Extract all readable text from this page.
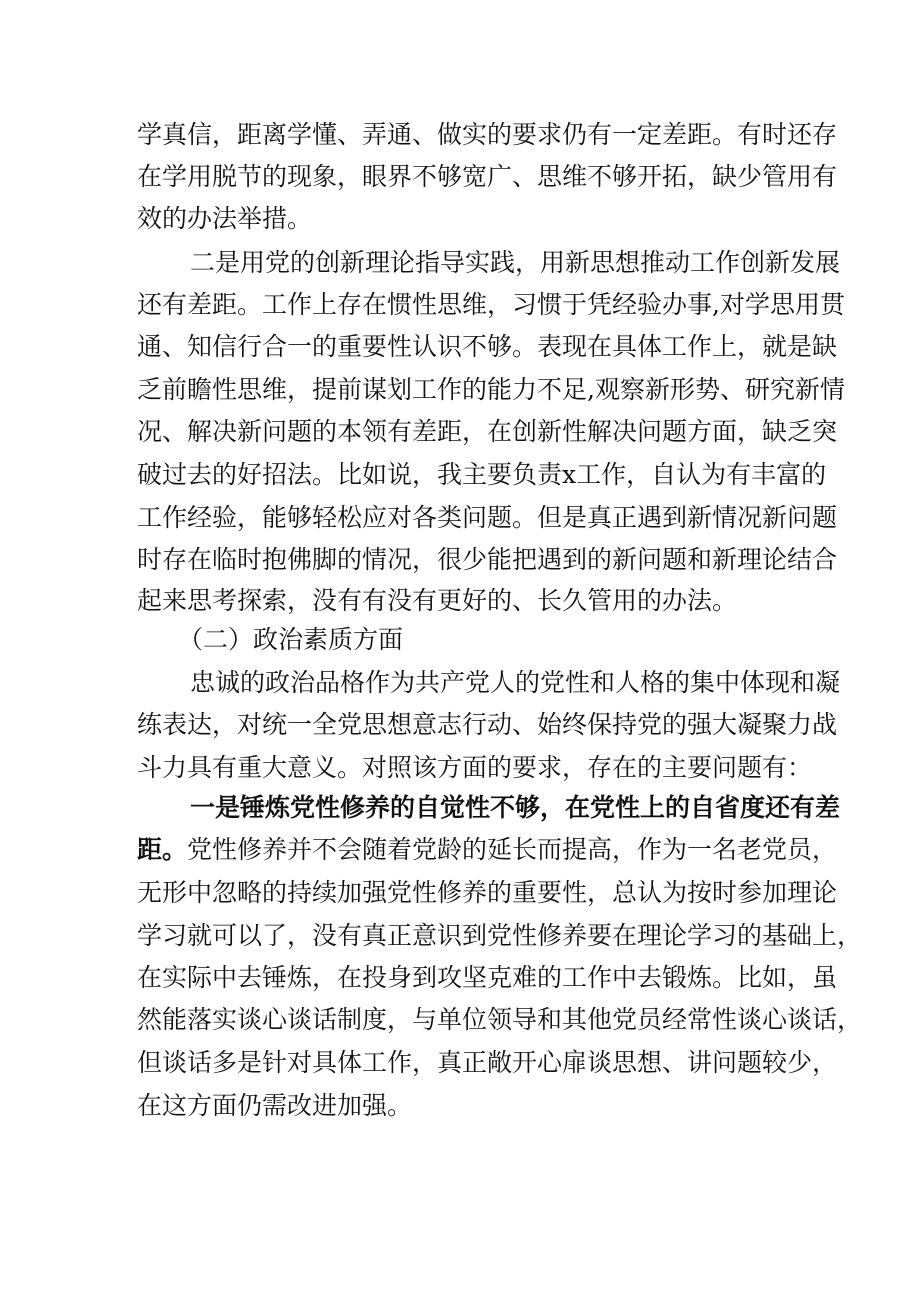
学真信，距离学懂、弄通、做实的要求仍有一定差距。有时还存
在学用脱节的现象，眼界不够宽广、思维不够开拓，缺少管用有
效的办法举措。
二是用党的创新理论指导实践，用新思想推动工作创新发展
还有差距。工作上存在惯性思维，习惯于凭经验办事,对学思用贯
通、知信行合一的重要性认识不够。表现在具体工作上，就是缺
乏前瞻性思维，提前谋划工作的能力不足,观察新形势、研究新情
况、解决新问题的本领有差距，在创新性解决问题方面，缺乏突
破过去的好招法。比如说，我主要负责x工作，自认为有丰富的
工作经验，能够轻松应对各类问题。但是真正遇到新情况新问题
时存在临时抱佛脚的情况，很少能把遇到的新问题和新理论结合
起来思考探索，没有有没有更好的、长久管用的办法。
（二）政治素质方面
忠诚的政治品格作为共产党人的党性和人格的集中体现和凝
练表达，对统一全党思想意志行动、始终保持党的强大凝聚力战
斗力具有重大意义。对照该方面的要求，存在的主要问题有：
一是锤炼党性修养的自觉性不够，在党性上的自省度还有差
距。党性修养并不会随着党龄的延长而提高，作为一名老党员，
无形中忽略的持续加强党性修养的重要性，总认为按时参加理论
学习就可以了，没有真正意识到党性修养要在理论学习的基础上，
在实际中去锤炼，在投身到攻坚克难的工作中去锻炼。比如，虽
然能落实谈心谈话制度，与单位领导和其他党员经常性谈心谈话，
但谈话多是针对具体工作，真正敞开心扉谈思想、讲问题较少，
在这方面仍需改进加强。
